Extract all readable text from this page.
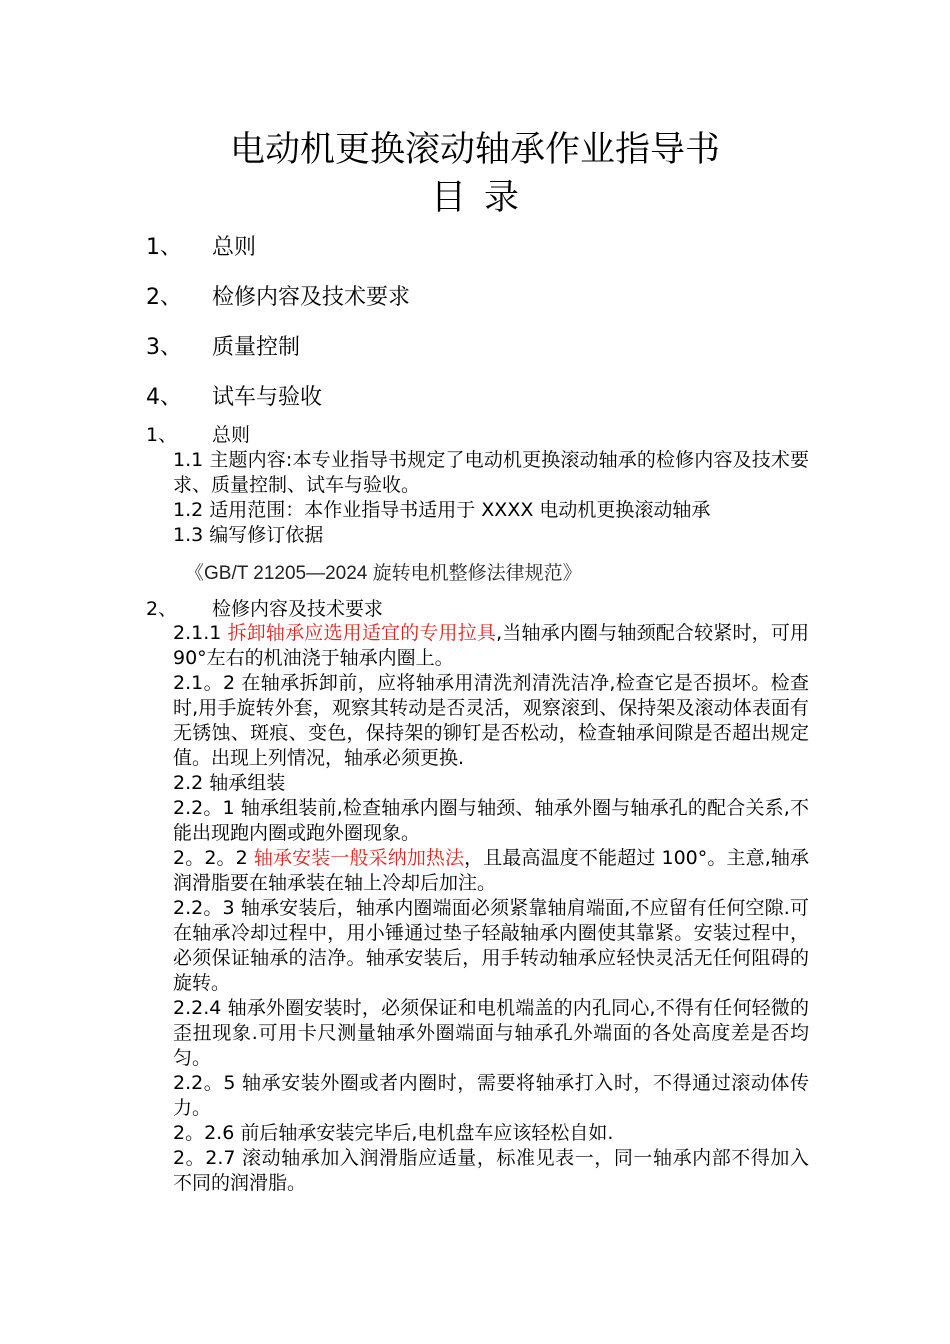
电动机更换滚动轴承作业指导书
目录
1、	总则
2、	检修内容及技术要求
3、	质量控制
4、	试车与验收
1、	总则

1.1 主题内容:本专业指导书规定了电动机更换滚动轴承的检修内容及技术要求、质量控制、试车与验收。

1.2 适用范围：本作业指导书适用于 XXXX 电动机更换滚动轴承

1.3 编写修订依据

《GB/T 21205—2024 旋转电机整修法律规范》
2、	检修内容及技术要求

2.1.1 拆卸轴承应选用适宜的专用拉具,当轴承内圈与轴颈配合较紧时，可用 90°左右的机油浇于轴承内圈上。

2.1。2 在轴承拆卸前，应将轴承用清洗剂清洗洁净,检查它是否损坏。检查时,用手旋转外套，观察其转动是否灵活，观察滚到、保持架及滚动体表面有无锈蚀、斑痕、变色，保持架的铆钉是否松动，检查轴承间隙是否超出规定值。出现上列情况，轴承必须更换.

2.2 轴承组装

2.2。1 轴承组装前,检查轴承内圈与轴颈、轴承外圈与轴承孔的配合关系,不能出现跑内圈或跑外圈现象。

2。2。2 轴承安装一般采纳加热法，且最高温度不能超过 100°。主意,轴承润滑脂要在轴承装在轴上冷却后加注。

2.2。3 轴承安装后，轴承内圈端面必须紧靠轴肩端面,不应留有任何空隙.可在轴承冷却过程中，用小锤通过垫子轻敲轴承内圈使其靠紧。安装过程中，必须保证轴承的洁净。轴承安装后，用手转动轴承应轻快灵活无任何阻碍的旋转。

2.2.4 轴承外圈安装时，必须保证和电机端盖的内孔同心,不得有任何轻微的歪扭现象.可用卡尺测量轴承外圈端面与轴承孔外端面的各处高度差是否均匀。

2.2。5 轴承安装外圈或者内圈时，需要将轴承打入时，不得通过滚动体传力。

2。2.6 前后轴承安装完毕后,电机盘车应该轻松自如.

2。2.7 滚动轴承加入润滑脂应适量，标准见表一，同一轴承内部不得加入不同的润滑脂。
